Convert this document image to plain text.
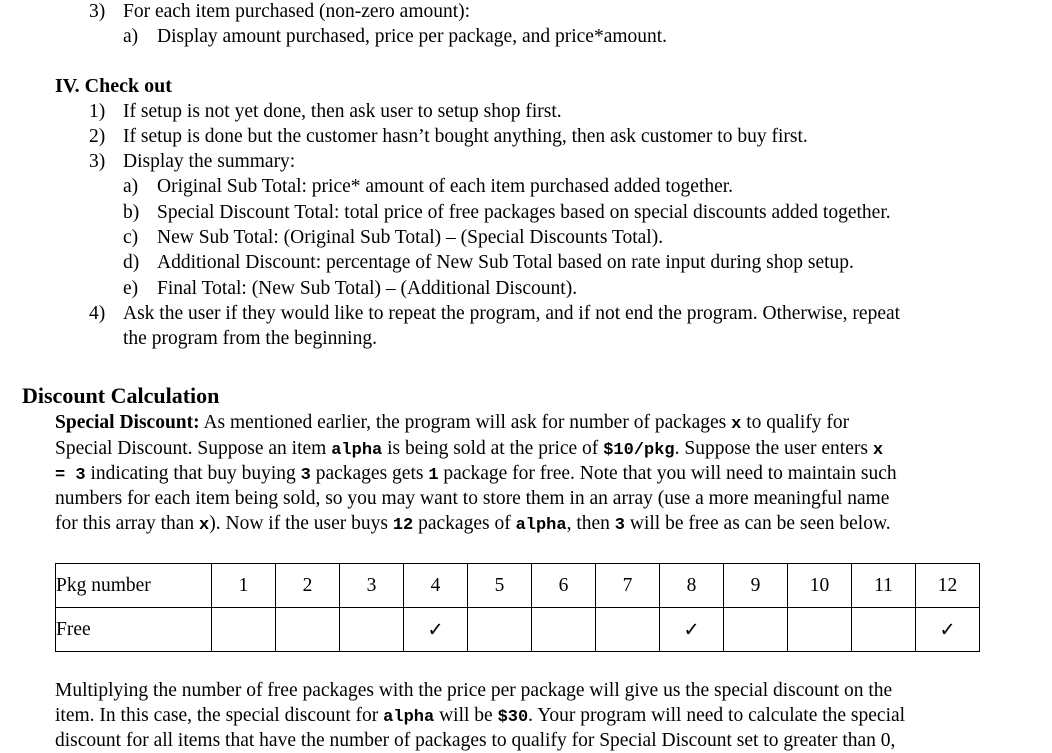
3) For each item purchased (non-zero amount):
a) Display amount purchased, price per package, and price*amount.
IV. Check out
1) If setup is not yet done, then ask user to setup shop first.
2) If setup is done but the customer hasn’t bought anything, then ask customer to buy first.
3) Display the summary:
a) Original Sub Total: price* amount of each item purchased added together.
b) Special Discount Total: total price of free packages based on special discounts added together.
c) New Sub Total: (Original Sub Total) – (Special Discounts Total).
d) Additional Discount: percentage of New Sub Total based on rate input during shop setup.
e) Final Total: (New Sub Total) – (Additional Discount).
4) Ask the user if they would like to repeat the program, and if not end the program. Otherwise, repeat
the program from the beginning.
Discount Calculation
Special Discount: As mentioned earlier, the program will ask for number of packages x to qualify for
Special Discount. Suppose an item alpha is being sold at the price of $10/pkg. Suppose the user enters x
= 3 indicating that buy buying 3 packages gets 1 package for free. Note that you will need to maintain such
numbers for each item being sold, so you may want to store them in an array (use a more meaningful name
for this array than x). Now if the user buys 12 packages of alpha, then 3 will be free as can be seen below.
Pkg number	1	2	3	4	5	6	7	8	9	10	11	12
Free				✓				✓				✓
Multiplying the number of free packages with the price per package will give us the special discount on the
item. In this case, the special discount for alpha will be $30. Your program will need to calculate the special
discount for all items that have the number of packages to qualify for Special Discount set to greater than 0,
